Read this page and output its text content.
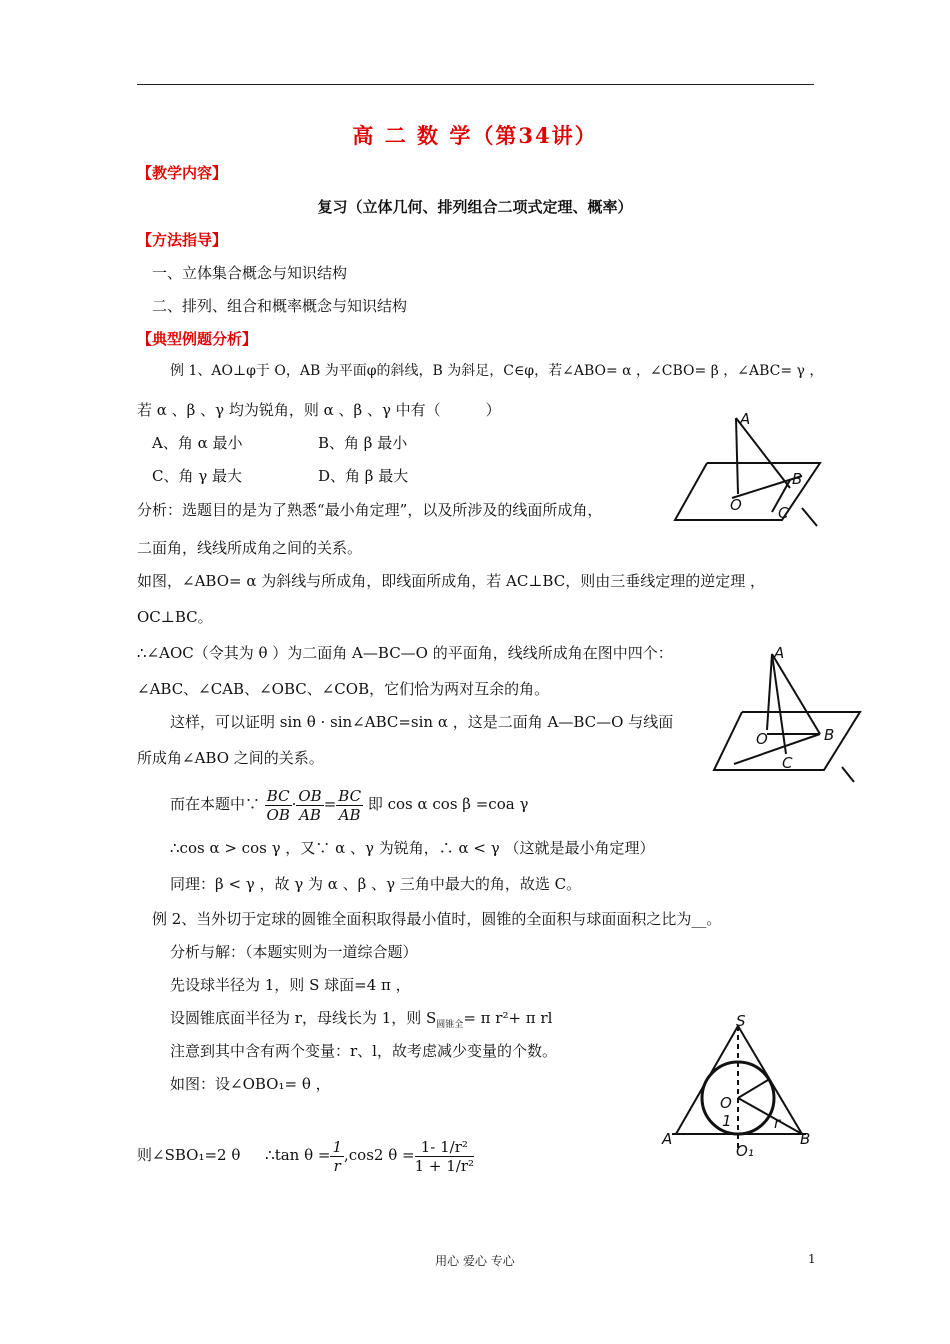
高 二 数 学（第34讲）
【教学内容】
复习（立体几何、排列组合二项式定理、概率）
【方法指导】
一、立体集合概念与知识结构
二、排列、组合和概率概念与知识结构
【典型例题分析】
例 1、AO⊥φ于 O，AB 为平面φ的斜线，B 为斜足，C∈φ，若∠ABO= α ，∠CBO= β ，∠ABC= γ ，
若 α 、β 、γ 均为锐角，则 α 、β 、γ 中有（　　　）
A、角 α 最小	B、角 β 最小
C、角 γ 最大	D、角 β 最大
分析：选题目的是为了熟悉“最小角定理”，以及所涉及的线面所成角，
二面角，线线所成角之间的关系。
如图，∠ABO= α 为斜线与所成角，即线面所成角，若 AC⊥BC，则由三垂线定理的逆定理 ，
OC⊥BC。
∴∠AOC（令其为 θ ）为二面角 A—BC—O 的平面角，线线所成角在图中四个：
∠ABC、∠CAB、∠OBC、∠COB，它们恰为两对互余的角。
这样，可以证明 sin θ · sin∠ABC=sin α ，这是二面角 A—BC—O 与线面
所成角∠ABO 之间的关系。
而在本题中∵ $\frac{BC}{OB} \cdot \frac{OB}{AB} = \frac{BC}{AB}$ 即 cos α cos β =coa γ
∴cos α > cos γ ，又∵ α 、γ 为锐角，∴ α < γ （这就是最小角定理）
同理：β < γ ，故 γ 为 α 、β 、γ 三角中最大的角，故选 C。
例 2、当外切于定球的圆锥全面积取得最小值时，圆锥的全面积与球面面积之比为__。
分析与解：（本题实则为一道综合题）
先设球半径为 1，则 S 球面=4 π ，
设圆锥底面半径为 r，母线长为 1，则 $S_{圆锥全}= \pi$ r²+ π rl
注意到其中含有两个变量：r、l，故考虑减少变量的个数。
如图：设∠OBO₁= θ ，
则∠SBO₁=2 θ ∴tan $\theta = \frac{1}{r} ,\cos 2$ $\theta = \frac{\text{1- 1/r²}}{\text{1 + 1/r²}}$
A
O
B
C
A
O	B
C
S
O
1
A
O₁
B
r
用心 爱心 专心	1
